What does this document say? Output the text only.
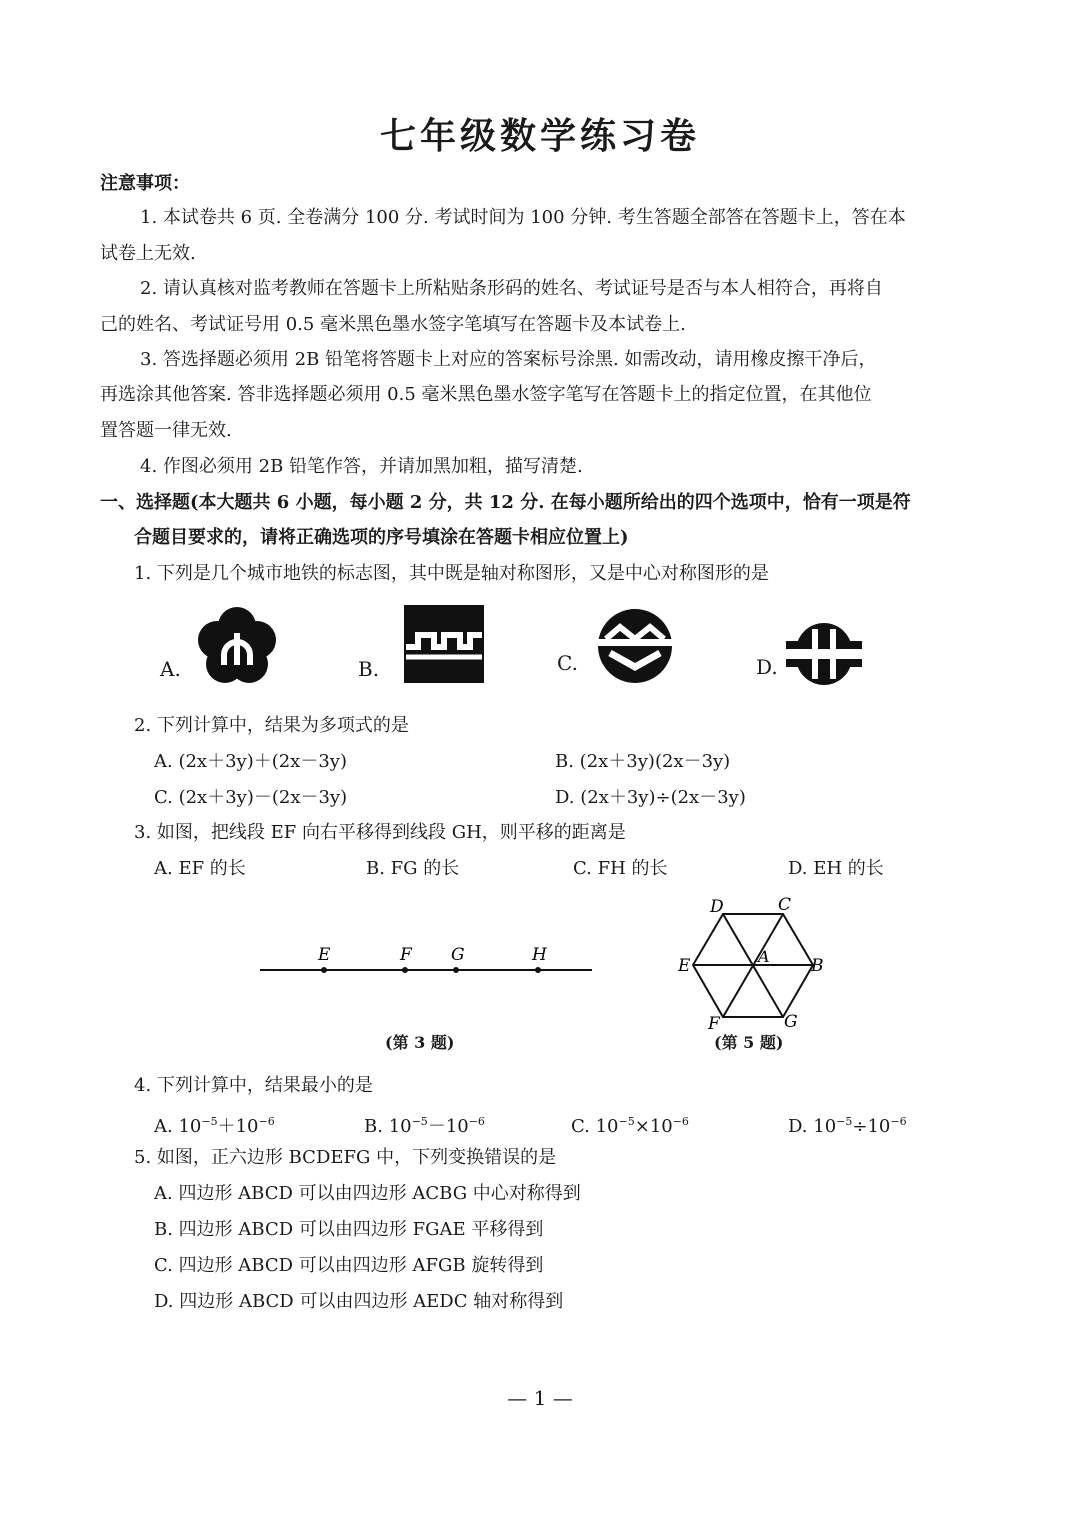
七年级数学练习卷
注意事项：
1. 本试卷共 6 页. 全卷满分 100 分. 考试时间为 100 分钟. 考生答题全部答在答题卡上，答在本
试卷上无效.
2. 请认真核对监考教师在答题卡上所粘贴条形码的姓名、考试证号是否与本人相符合，再将自
己的姓名、考试证号用 0.5 毫米黑色墨水签字笔填写在答题卡及本试卷上.
3. 答选择题必须用 2B 铅笔将答题卡上对应的答案标号涂黑. 如需改动，请用橡皮擦干净后，
再选涂其他答案. 答非选择题必须用 0.5 毫米黑色墨水签字笔写在答题卡上的指定位置，在其他位
置答题一律无效.
4. 作图必须用 2B 铅笔作答，并请加黑加粗，描写清楚.
一、选择题(本大题共 6 小题，每小题 2 分，共 12 分. 在每小题所给出的四个选项中，恰有一项是符
合题目要求的，请将正确选项的序号填涂在答题卡相应位置上)
1. 下列是几个城市地铁的标志图，其中既是轴对称图形，又是中心对称图形的是
A.	B.	C.	D.
2. 下列计算中，结果为多项式的是
A. (2x＋3y)＋(2x－3y)	B. (2x＋3y)(2x－3y)
C. (2x＋3y)－(2x－3y)	D. (2x＋3y)÷(2x－3y)
3. 如图，把线段 EF 向右平移得到线段 GH，则平移的距离是
A. EF 的长	B. FG 的长	C. FH 的长	D. EH 的长
E	F G	H
(第 3 题)
D	C
E	A B
F	G
(第 5 题)
4. 下列计算中，结果最小的是
A. $10^{-5}+10^{-6}$	B. $10^{-5}-10^{-6}$	C. $10^{-5}\times 10^{-6}$	D. $10^{-5}\div 10^{-6}$
5. 如图，正六边形 BCDEFG 中，下列变换错误的是
A. 四边形 ABCD 可以由四边形 ACBG 中心对称得到
B. 四边形 ABCD 可以由四边形 FGAE 平移得到
C. 四边形 ABCD 可以由四边形 AFGB 旋转得到
D. 四边形 ABCD 可以由四边形 AEDC 轴对称得到
— 1 —
